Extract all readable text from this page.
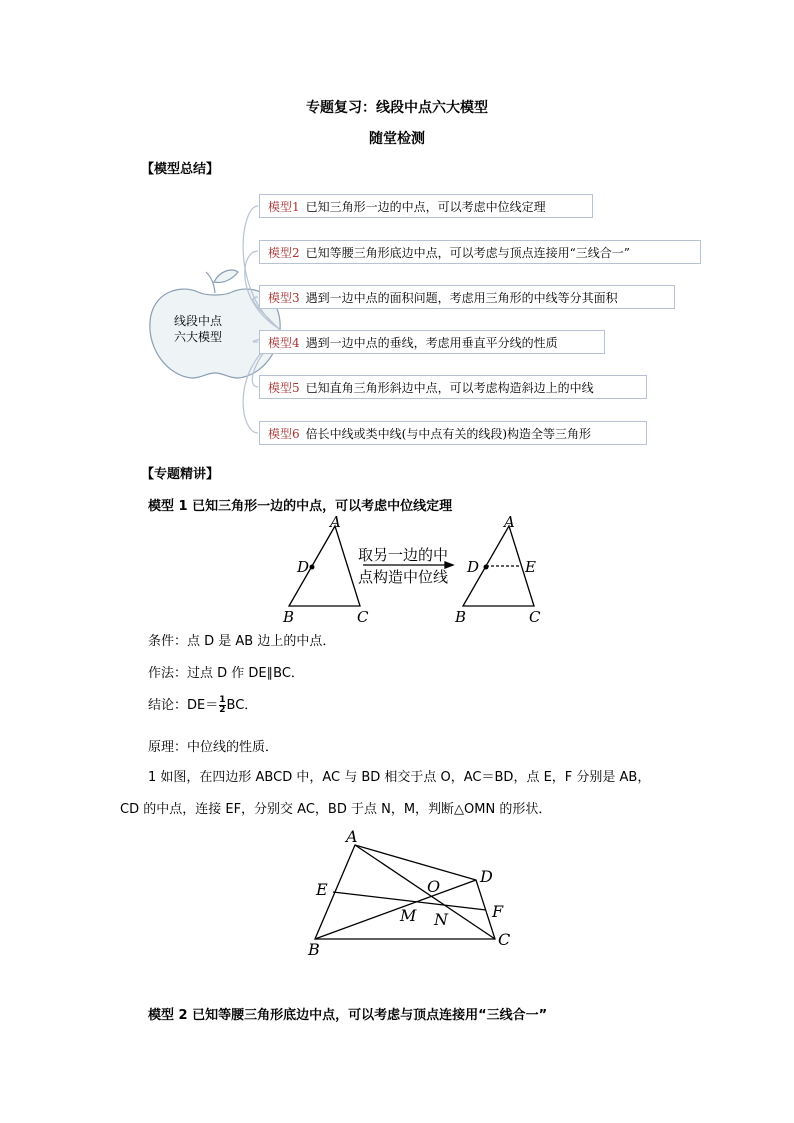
专题复习：线段中点六大模型
随堂检测
【模型总结】
线段中点
六大模型
模型1 已知三角形一边的中点，可以考虑中位线定理
模型2 已知等腰三角形底边中点，可以考虑与顶点连接用“三线合一”
模型3 遇到一边中点的面积问题，考虑用三角形的中线等分其面积
模型4 遇到一边中点的垂线，考虑用垂直平分线的性质
模型5 已知直角三角形斜边中点，可以考虑构造斜边上的中线
模型6 倍长中线或类中线(与中点有关的线段)构造全等三角形
【专题精讲】
模型 1 已知三角形一边的中点，可以考虑中位线定理
A
D
B	C
A
D	E
B	C
取另一边的中
点构造中位线
条件：点 D 是 AB 边上的中点．
作法：过点 D 作 DE∥BC．
结论：$DE= \frac{1}{2}$ BC．
原理：中位线的性质．
1 如图，在四边形 ABCD 中，AC 与 BD 相交于点 O，AC＝BD，点 E，F 分别是 AB，
CD 的中点，连接 EF，分别交 AC，BD 于点 N，M，判断△OMN 的形状．
A
E
B
C
D
F
O
M N
模型 2 已知等腰三角形底边中点，可以考虑与顶点连接用“三线合一”
